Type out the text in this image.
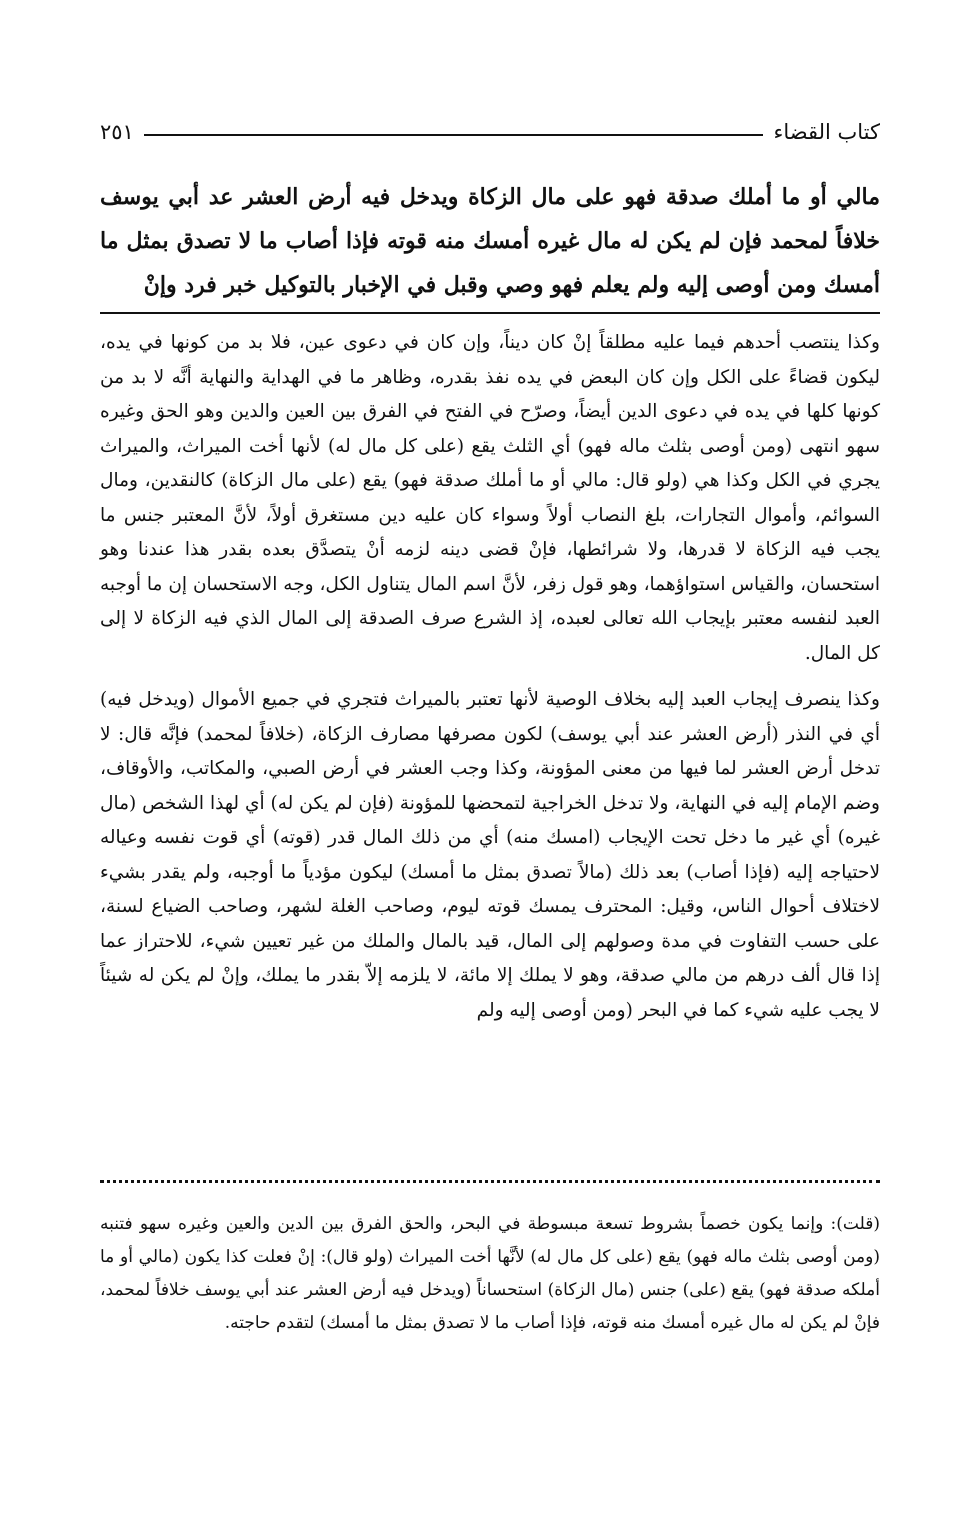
كتاب القضاء
٢٥١

مالي أو ما أملك صدقة فهو على مال الزكاة ويدخل فيه أرض العشر عد أبي يوسف خلافاً لمحمد فإن لم يكن له مال غيره أمسك منه قوته فإذا أصاب ما لا تصدق بمثل ما أمسك ومن أوصى إليه ولم يعلم فهو وصي وقبل في الإخبار بالتوكيل خبر فرد وإنْ

وكذا ينتصب أحدهم فيما عليه مطلقاً إنْ كان ديناً، وإن كان في دعوى عين، فلا بد من كونها في يده، ليكون قضاءً على الكل وإن كان البعض في يده نفذ بقدره، وظاهر ما في الهداية والنهاية أنَّه لا بد من كونها كلها في يده في دعوى الدين أيضاً، وصرّح في الفتح في الفرق بين العين والدين وهو الحق وغيره سهو انتهى (ومن أوصى بثلث ماله فهو) أي الثلث يقع (على كل مال له) لأنها أخت الميراث، والميراث يجري في الكل وكذا هي (ولو قال: مالي أو ما أملك صدقة فهو) يقع (على مال الزكاة) كالنقدين، ومال السوائم، وأموال التجارات، بلغ النصاب أولاً وسواء كان عليه دين مستغرق أولاً، لأنَّ المعتبر جنس ما يجب فيه الزكاة لا قدرها، ولا شرائطها، فإنْ قضى دينه لزمه أنْ يتصدَّق بعده بقدر هذا عندنا وهو استحسان، والقياس استواؤهما، وهو قول زفر، لأنَّ اسم المال يتناول الكل، وجه الاستحسان إن ما أوجبه العبد لنفسه معتبر بإيجاب الله تعالى لعبده، إذ الشرع صرف الصدقة إلى المال الذي فيه الزكاة لا إلى كل المال.

وكذا ينصرف إيجاب العبد إليه بخلاف الوصية لأنها تعتبر بالميراث فتجري في جميع الأموال (ويدخل فيه) أي في النذر (أرض العشر عند أبي يوسف) لكون مصرفها مصارف الزكاة، (خلافاً لمحمد) فإنَّه قال: لا تدخل أرض العشر لما فيها من معنى المؤونة، وكذا وجب العشر في أرض الصبي، والمكاتب، والأوقاف، وضم الإمام إليه في النهاية، ولا تدخل الخراجية لتمحضها للمؤونة (فإن لم يكن له) أي لهذا الشخص (مال غيره) أي غير ما دخل تحت الإيجاب (امسك منه) أي من ذلك المال قدر (قوته) أي قوت نفسه وعياله لاحتياجه إليه (فإذا أصاب) بعد ذلك (مالاً تصدق بمثل ما أمسك) ليكون مؤدياً ما أوجبه، ولم يقدر بشيء لاختلاف أحوال الناس، وقيل: المحترف يمسك قوته ليوم، وصاحب الغلة لشهر، وصاحب الضياع لسنة، على حسب التفاوت في مدة وصولهم إلى المال، قيد بالمال والملك من غير تعيين شيء، للاحتراز عما إذا قال ألف درهم من مالي صدقة، وهو لا يملك إلا مائة، لا يلزمه إلاّ بقدر ما يملك، وإنْ لم يكن له شيئاً لا يجب عليه شيء كما في البحر (ومن أوصى إليه ولم

(قلت): وإنما يكون خصماً بشروط تسعة مبسوطة في البحر، والحق الفرق بين الدين والعين وغيره سهو فتنبه (ومن أوصى بثلث ماله فهو) يقع (على كل مال له) لأنَّها أخت الميراث (ولو قال): إنْ فعلت كذا يكون (مالي أو ما أملكه صدقة فهو) يقع (على) جنس (مال الزكاة) استحساناً (ويدخل فيه أرض العشر عند أبي يوسف خلافاً لمحمد، فإنْ لم يكن له مال غيره أمسك منه قوته، فإذا أصاب ما لا تصدق بمثل ما أمسك) لتقدم حاجته.
